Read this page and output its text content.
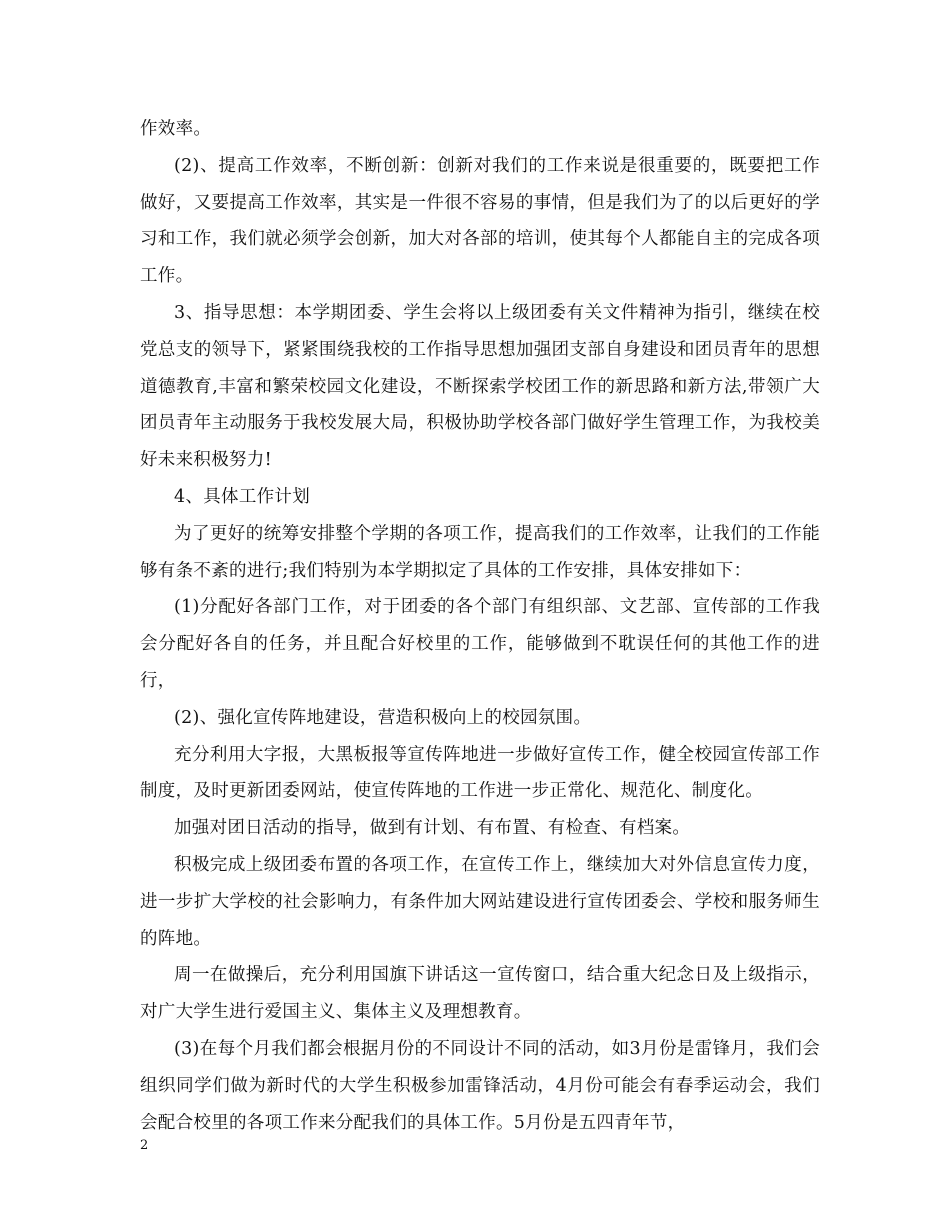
作效率。

(2)、提高工作效率，不断创新：创新对我们的工作来说是很重要的，既要把工作做好，又要提高工作效率，其实是一件很不容易的事情，但是我们为了的以后更好的学习和工作，我们就必须学会创新，加大对各部的培训，使其每个人都能自主的完成各项工作。

3、指导思想：本学期团委、学生会将以上级团委有关文件精神为指引，继续在校党总支的领导下，紧紧围绕我校的工作指导思想加强团支部自身建设和团员青年的思想道德教育,丰富和繁荣校园文化建设，不断探索学校团工作的新思路和新方法,带领广大团员青年主动服务于我校发展大局，积极协助学校各部门做好学生管理工作，为我校美好未来积极努力!

4、具体工作计划

为了更好的统筹安排整个学期的各项工作，提高我们的工作效率，让我们的工作能够有条不紊的进行;我们特别为本学期拟定了具体的工作安排，具体安排如下：

(1)分配好各部门工作，对于团委的各个部门有组织部、文艺部、宣传部的工作我会分配好各自的任务，并且配合好校里的工作，能够做到不耽误任何的其他工作的进行，

(2)、强化宣传阵地建设，营造积极向上的校园氛围。

充分利用大字报，大黑板报等宣传阵地进一步做好宣传工作，健全校园宣传部工作制度，及时更新团委网站，使宣传阵地的工作进一步正常化、规范化、制度化。

加强对团日活动的指导，做到有计划、有布置、有检查、有档案。

积极完成上级团委布置的各项工作，在宣传工作上，继续加大对外信息宣传力度，进一步扩大学校的社会影响力，有条件加大网站建设进行宣传团委会、学校和服务师生的阵地。

周一在做操后，充分利用国旗下讲话这一宣传窗口，结合重大纪念日及上级指示，对广大学生进行爱国主义、集体主义及理想教育。

(3)在每个月我们都会根据月份的不同设计不同的活动，如3月份是雷锋月，我们会组织同学们做为新时代的大学生积极参加雷锋活动，4月份可能会有春季运动会，我们会配合校里的各项工作来分配我们的具体工作。5月份是五四青年节，

2
